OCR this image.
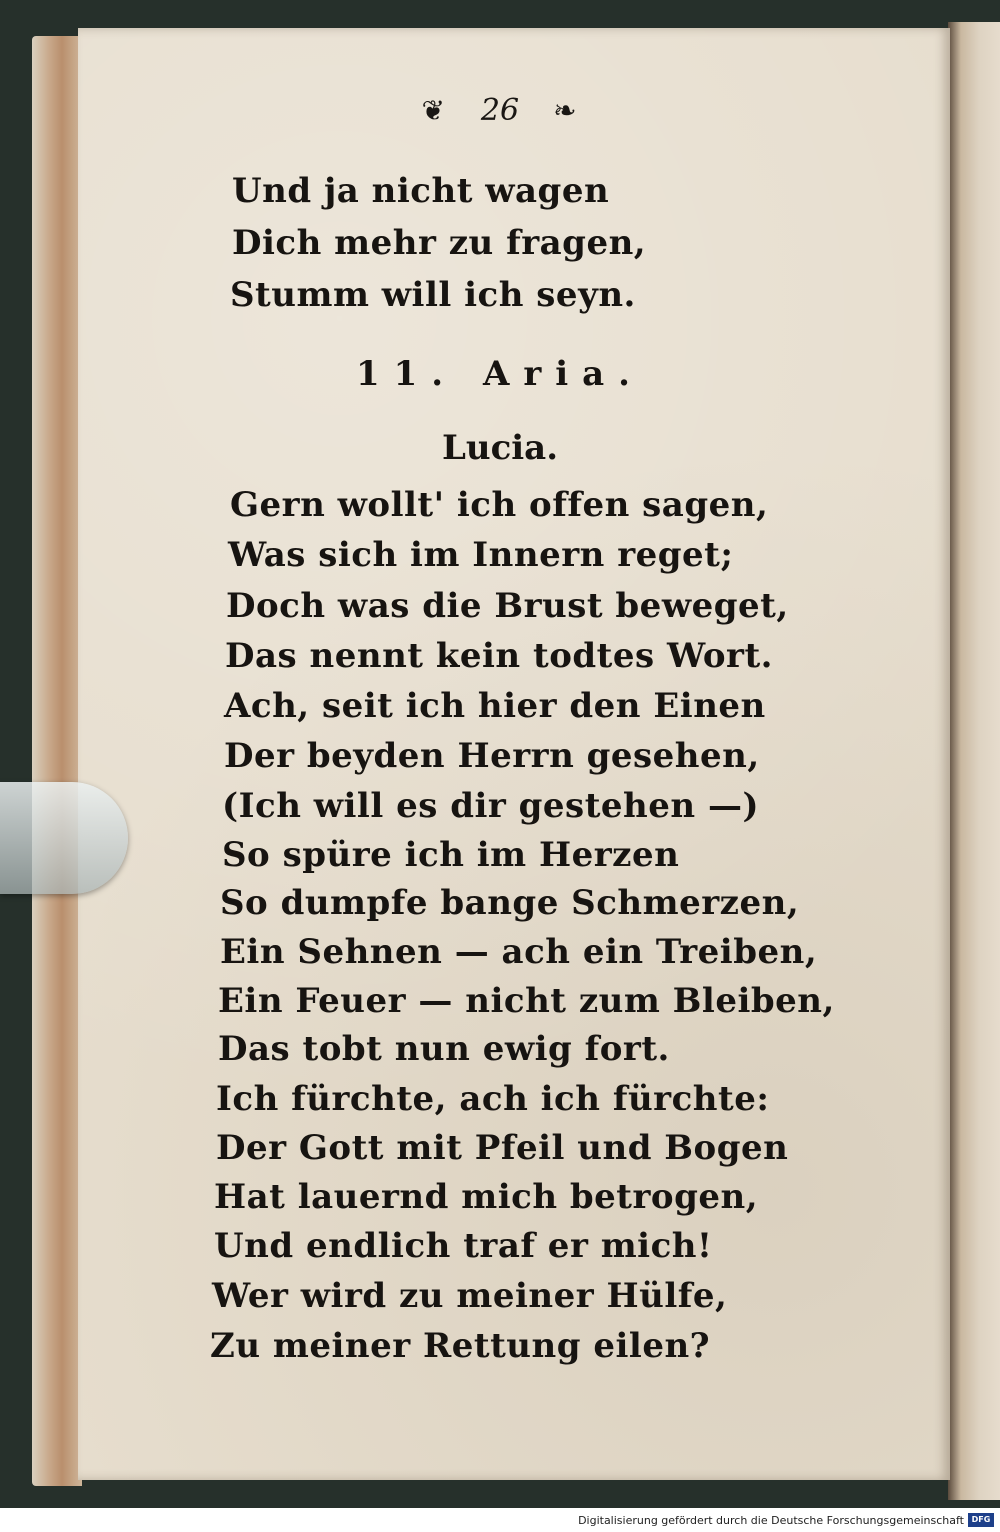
❦ 26 ❧
Und ja nicht wagen
Dich mehr zu fragen,
Stumm will ich seyn.
11. Aria.
Lucia.
Gern wollt' ich offen sagen,
Was sich im Innern reget;
Doch was die Brust beweget,
Das nennt kein todtes Wort.
Ach, seit ich hier den Einen
Der beyden Herrn gesehen,
(Ich will es dir gestehen —)
So spüre ich im Herzen
So dumpfe bange Schmerzen,
Ein Sehnen — ach ein Treiben,
Ein Feuer — nicht zum Bleiben,
Das tobt nun ewig fort.
Ich fürchte, ach ich fürchte:
Der Gott mit Pfeil und Bogen
Hat lauernd mich betrogen,
Und endlich traf er mich!
Wer wird zu meiner Hülfe,
Zu meiner Rettung eilen?
Digitalisierung gefördert durch die Deutsche Forschungsgemeinschaft DFG
